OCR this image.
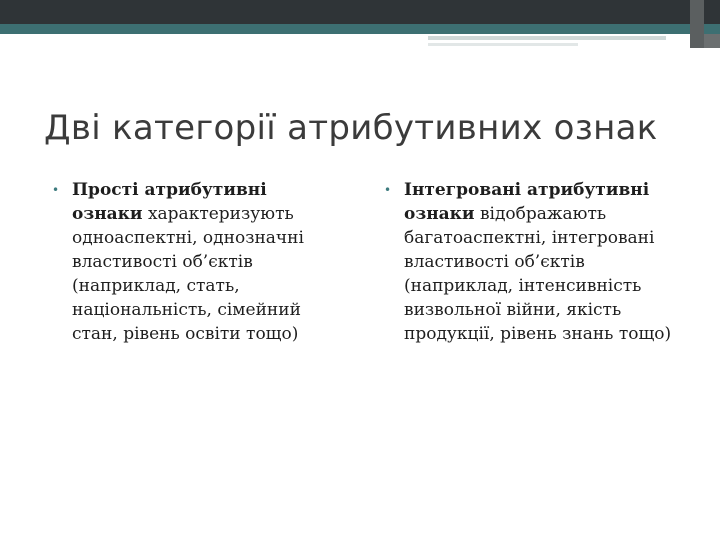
Дві категорії атрибутивних ознак
• Прості атрибутивні ознаки характеризують одноаспектні, однозначні властивості об’єктів (наприклад, стать, національність, сімейний стан, рівень освіти тощо)
• Інтегровані атрибутивні ознаки відображають багатоаспектні, інтегровані властивості об’єктів (наприклад, інтенсивність визвольної війни, якість продукції, рівень знань тощо)
